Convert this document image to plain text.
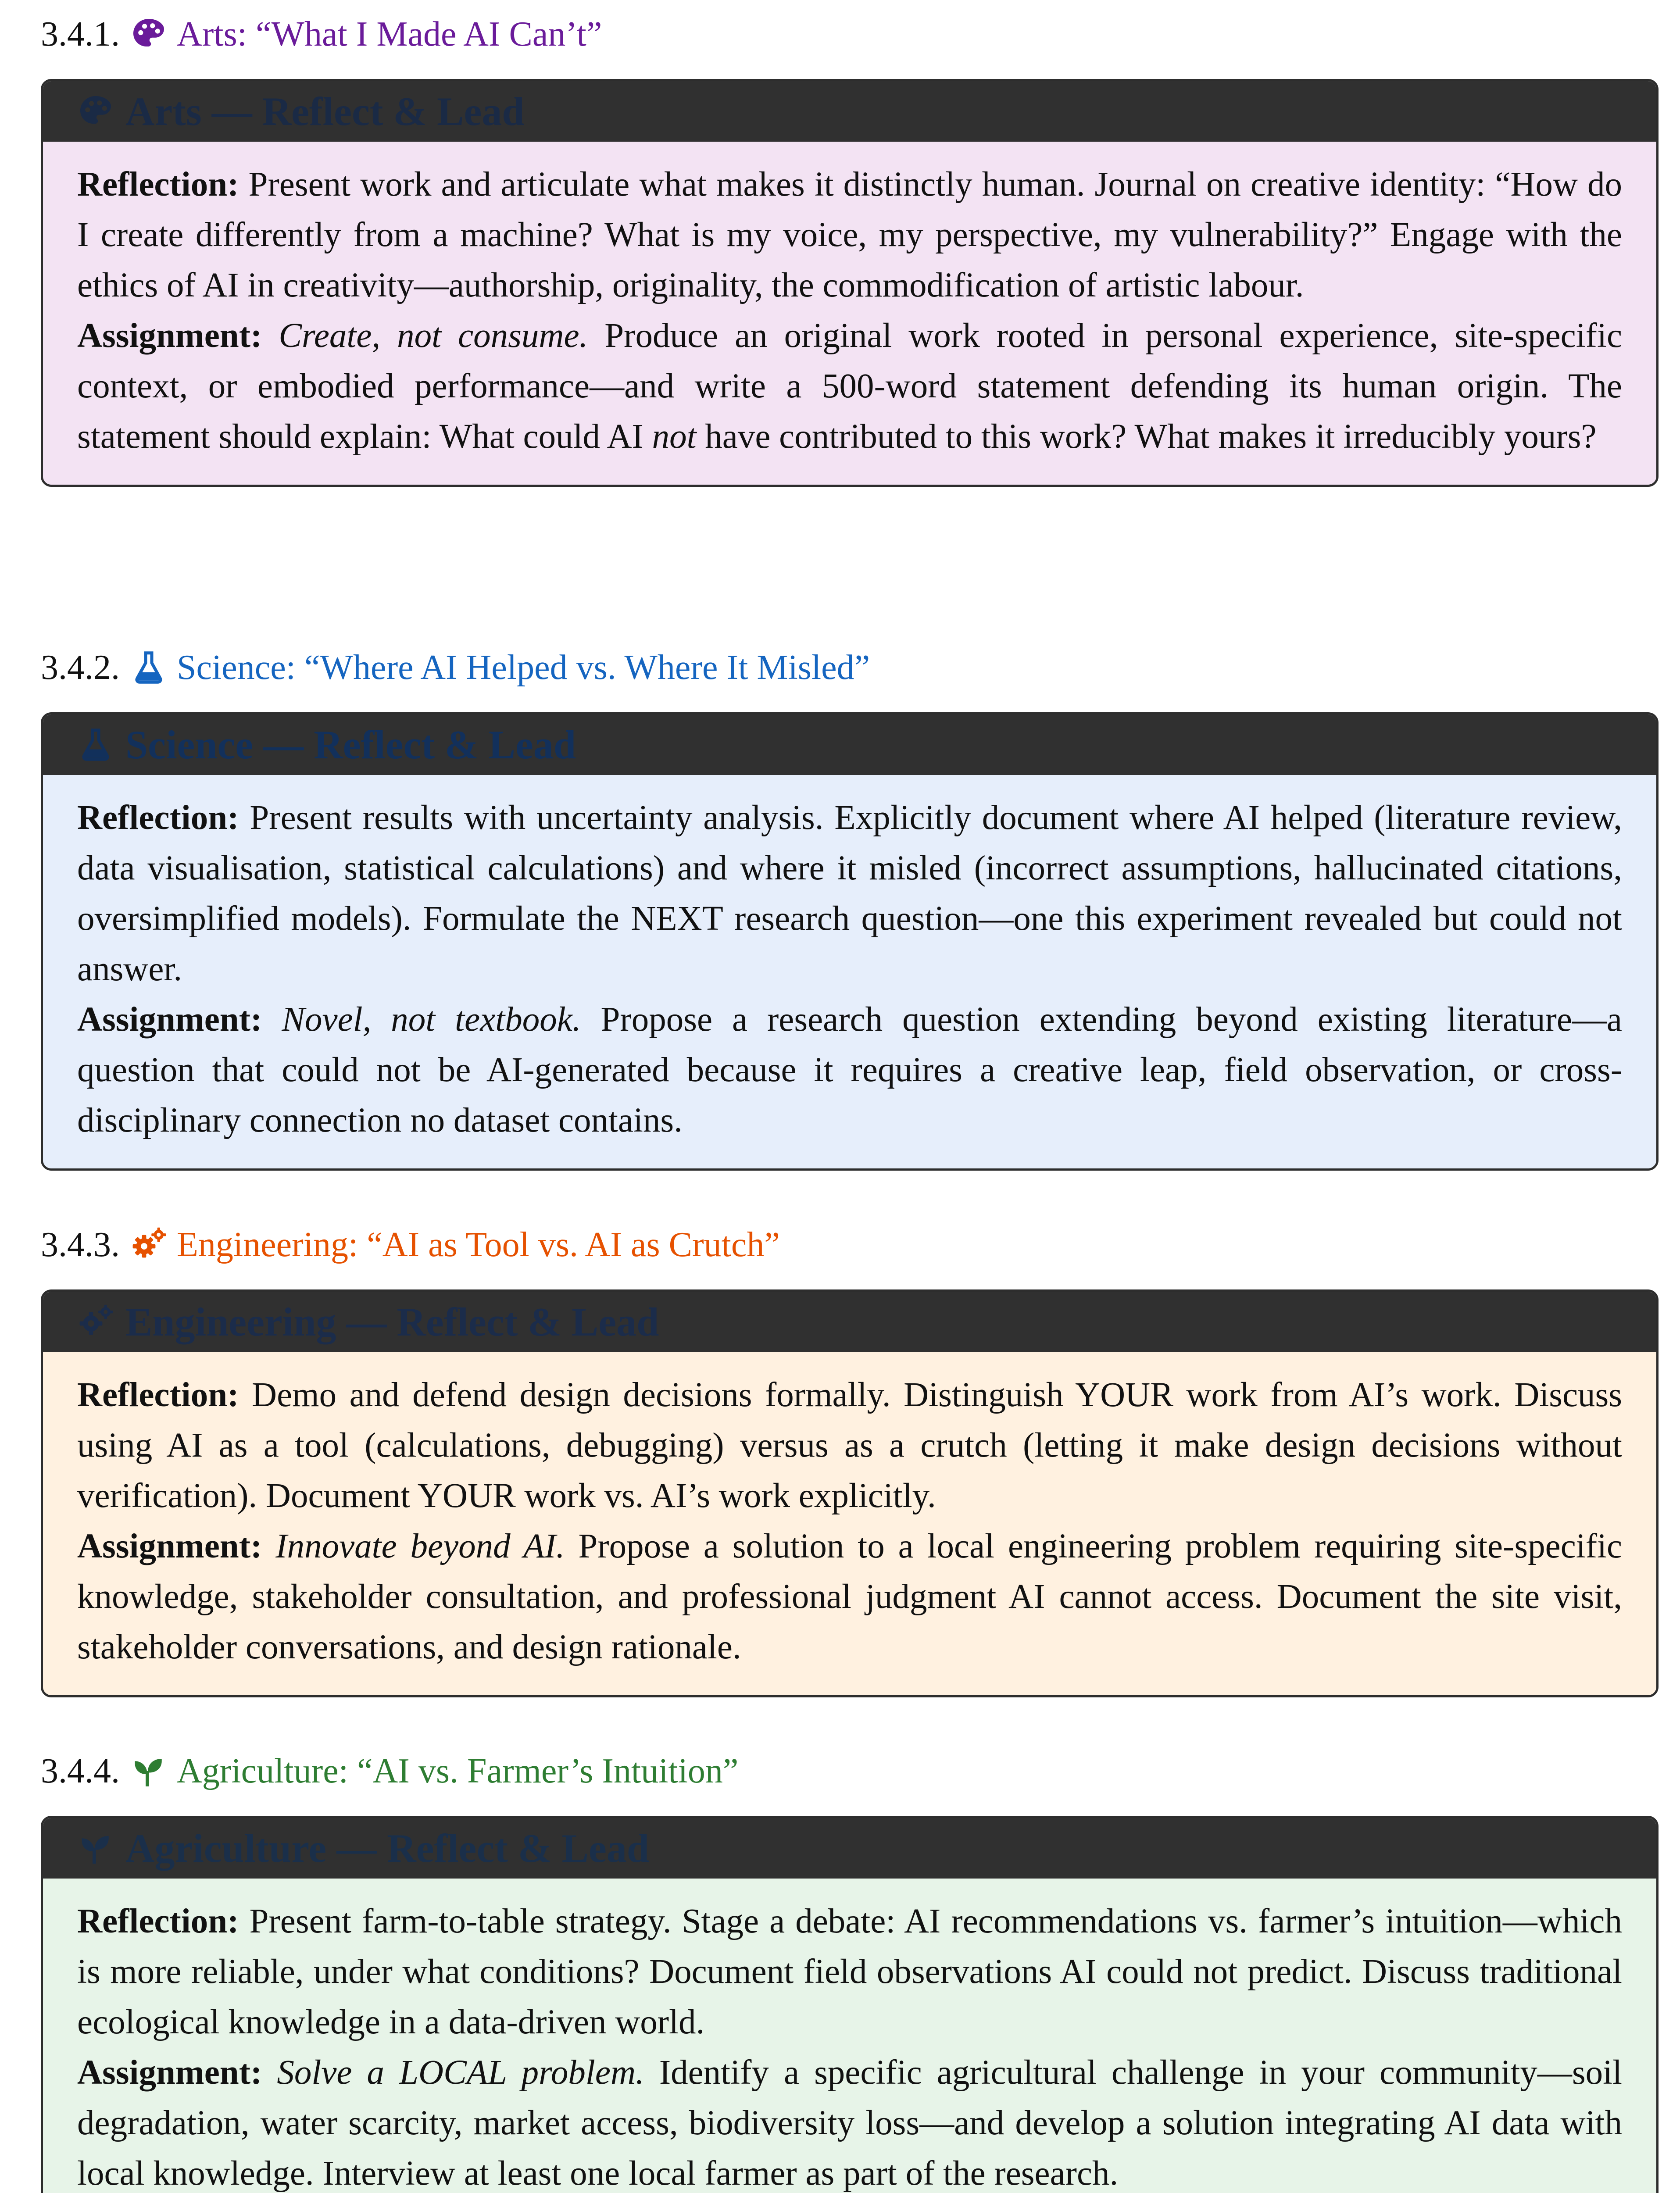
3.4.1. Arts: “What I Made AI Can’t”
Arts — Reflect & Lead

Reflection: Present work and articulate what makes it distinctly human. Journal on creative identity: “How do I create differently from a machine? What is my voice, my perspective, my vulnerability?” Engage with the ethics of AI in creativity—authorship, originality, the commodification of artistic labour.

Assignment: Create, not consume. Produce an original work rooted in personal experience, site-specific context, or embodied performance—and write a 500-word statement defending its human origin. The statement should explain: What could AI not have contributed to this work? What makes it irreducibly yours?

3.4.2. Science: “Where AI Helped vs. Where It Misled”
Science — Reflect & Lead

Reflection: Present results with uncertainty analysis. Explicitly document where AI helped (literature review, data visualisation, statistical calculations) and where it misled (incorrect assumptions, hallucinated citations, oversimplified models). Formulate the NEXT research question—one this experiment revealed but could not answer.

Assignment: Novel, not textbook. Propose a research question extending beyond existing literature—a question that could not be AI-generated because it requires a creative leap, field observation, or cross-disciplinary connection no dataset contains.

3.4.3. Engineering: “AI as Tool vs. AI as Crutch”
Engineering — Reflect & Lead

Reflection: Demo and defend design decisions formally. Distinguish YOUR work from AI’s work. Discuss using AI as a tool (calculations, debugging) versus as a crutch (letting it make design decisions without verification). Document YOUR work vs. AI’s work explicitly.

Assignment: Innovate beyond AI. Propose a solution to a local engineering problem requiring site-specific knowledge, stakeholder consultation, and professional judgment AI cannot access. Document the site visit, stakeholder conversations, and design rationale.

3.4.4. Agriculture: “AI vs. Farmer’s Intuition”
Agriculture — Reflect & Lead

Reflection: Present farm-to-table strategy. Stage a debate: AI recommendations vs. farmer’s intuition—which is more reliable, under what conditions? Document field observations AI could not predict. Discuss traditional ecological knowledge in a data-driven world.

Assignment: Solve a LOCAL problem. Identify a specific agricultural challenge in your community—soil degradation, water scarcity, market access, biodiversity loss—and develop a solution integrating AI data with local knowledge. Interview at least one local farmer as part of the research.
